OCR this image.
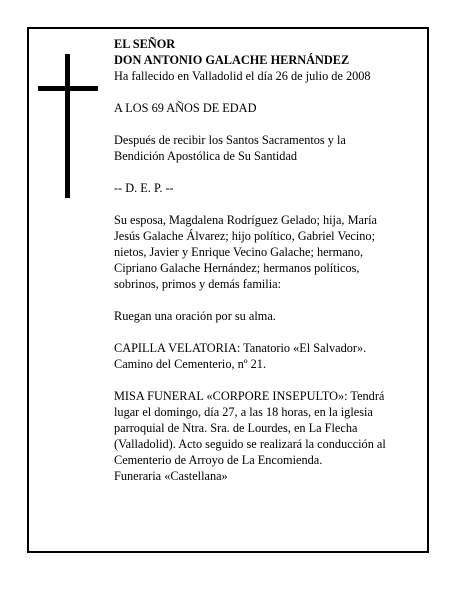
EL SEÑOR

DON ANTONIO GALACHE HERNÁNDEZ

Ha fallecido en Valladolid el día 26 de julio de 2008

A LOS 69 AÑOS DE EDAD

Después de recibir los Santos Sacramentos y la

Bendición Apostólica de Su Santidad

-- D. E. P. --

Su esposa, Magdalena Rodríguez Gelado; hija, María

Jesús Galache Álvarez; hijo político, Gabriel Vecino;

nietos, Javier y Enrique Vecino Galache; hermano,

Cipriano Galache Hernández; hermanos políticos,

sobrinos, primos y demás familia:

Ruegan una oración por su alma.

CAPILLA VELATORIA: Tanatorio «El Salvador».

Camino del Cementerio, nº 21.

MISA FUNERAL «CORPORE INSEPULTO»: Tendrá

lugar el domingo, día 27, a las 18 horas, en la iglesia

parroquial de Ntra. Sra. de Lourdes, en La Flecha

(Valladolid). Acto seguido se realizará la conducción al

Cementerio de Arroyo de La Encomienda.

Funeraria «Castellana»
